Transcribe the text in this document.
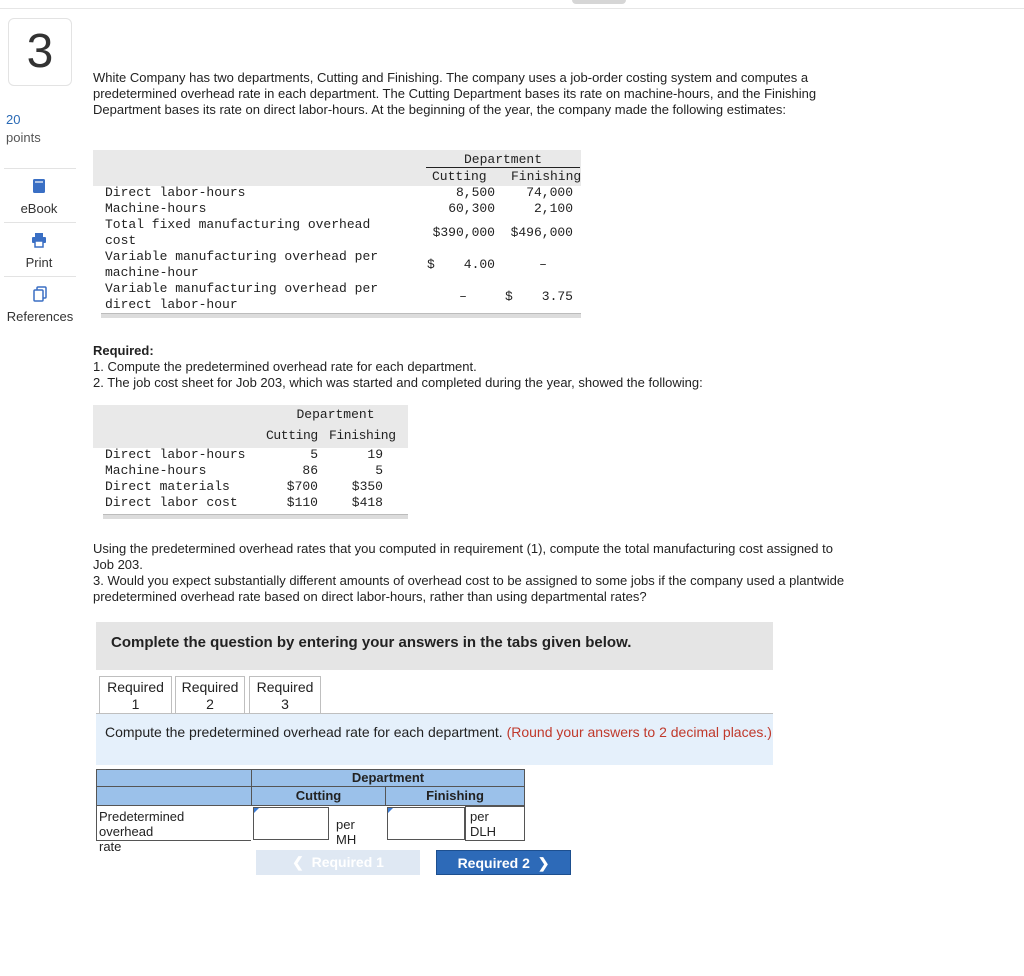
3
20
points
eBook
Print
References
White Company has two departments, Cutting and Finishing. The company uses a job-order costing system and computes a predetermined overhead rate in each department. The Cutting Department bases its rate on machine-hours, and the Finishing Department bases its rate on direct labor-hours. At the beginning of the year, the company made the following estimates:
Department
Cutting Finishing
Direct labor-hours	8,500	74,000
Machine-hours	60,300	2,100
Total fixed manufacturing overhead
cost
$390,000	$496,000
Variable manufacturing overhead per
machine-hour
$	4.00	–
Variable manufacturing overhead per
direct labor-hour
–	$	3.75
Required:
1. Compute the predetermined overhead rate for each department.
2. The job cost sheet for Job 203, which was started and completed during the year, showed the following:
Department
Cutting Finishing
Direct labor-hours	5	19
Machine-hours	86	5
Direct materials	$700	$350
Direct labor cost	$110	$418
Using the predetermined overhead rates that you computed in requirement (1), compute the total manufacturing cost assigned to Job 203.
3. Would you expect substantially different amounts of overhead cost to be assigned to some jobs if the company used a plantwide predetermined overhead rate based on direct labor-hours, rather than using departmental rates?
Complete the question by entering your answers in the tabs given below.
Required
1
Required
2
Required
3
Compute the predetermined overhead rate for each department. (Round your answers to 2 decimal places.)
Department
Cutting	Finishing
Predetermined
overhead rate
per MH
per
DLH
❮ Required 1	Required 2 ❯
